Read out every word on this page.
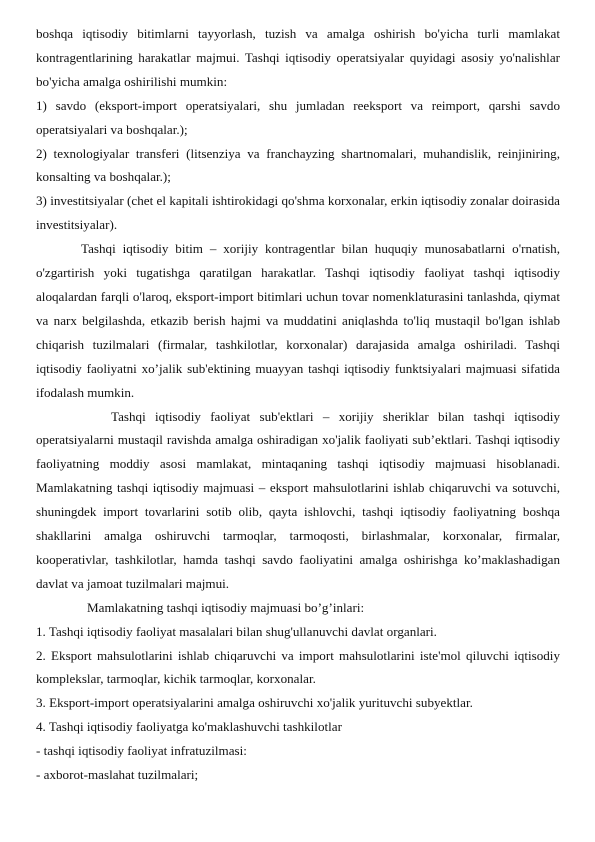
boshqa iqtisodiy bitimlarni tayyorlash, tuzish va amalga oshirish bo'yicha turli mamlakat kontragentlarining harakatlar majmui. Tashqi iqtisodiy operatsiyalar quyidagi asosiy yo'nalishlar bo'yicha amalga oshirilishi mumkin:

1) savdo (eksport-import operatsiyalari, shu jumladan reeksport va reimport, qarshi savdo operatsiyalari va boshqalar.);

2) texnologiyalar transferi (litsenziya va franchayzing shartnomalari, muhandislik, reinjiniring, konsalting va boshqalar.);

3) investitsiyalar (chet el kapitali ishtirokidagi qo'shma korxonalar, erkin iqtisodiy zonalar doirasida investitsiyalar).

Tashqi iqtisodiy bitim – xorijiy kontragentlar bilan huquqiy munosabatlarni o'rnatish, o'zgartirish yoki tugatishga qaratilgan harakatlar. Tashqi iqtisodiy faoliyat tashqi iqtisodiy aloqalardan farqli o'laroq, eksport-import bitimlari uchun tovar nomenklaturasini tanlashda, qiymat va narx belgilashda, etkazib berish hajmi va muddatini aniqlashda to'liq mustaqil bo'lgan ishlab chiqarish tuzilmalari (firmalar, tashkilotlar, korxonalar) darajasida amalga oshiriladi. Tashqi iqtisodiy faoliyatni xo’jalik sub'ektining muayyan tashqi iqtisodiy funktsiyalari majmuasi sifatida ifodalash mumkin.

Tashqi iqtisodiy faoliyat sub'ektlari – xorijiy sheriklar bilan tashqi iqtisodiy operatsiyalarni mustaqil ravishda amalga oshiradigan xo'jalik faoliyati sub’ektlari. Tashqi iqtisodiy faoliyatning moddiy asosi mamlakat, mintaqaning tashqi iqtisodiy majmuasi hisoblanadi. Mamlakatning tashqi iqtisodiy majmuasi – eksport mahsulotlarini ishlab chiqaruvchi va sotuvchi, shuningdek import tovarlarini sotib olib, qayta ishlovchi, tashqi iqtisodiy faoliyatning boshqa shakllarini amalga oshiruvchi tarmoqlar, tarmoqosti, birlashmalar, korxonalar, firmalar, kooperativlar, tashkilotlar, hamda tashqi savdo faoliyatini amalga oshirishga ko’maklashadigan davlat va jamoat tuzilmalari majmui.

Mamlakatning tashqi iqtisodiy majmuasi bo’g’inlari:

1. Tashqi iqtisodiy faoliyat masalalari bilan shug'ullanuvchi davlat organlari.

2. Eksport mahsulotlarini ishlab chiqaruvchi va import mahsulotlarini iste'mol qiluvchi iqtisodiy komplekslar, tarmoqlar, kichik tarmoqlar, korxonalar.

3. Eksport-import operatsiyalarini amalga oshiruvchi xo'jalik yurituvchi subyektlar.

4. Tashqi iqtisodiy faoliyatga ko'maklashuvchi tashkilotlar

- tashqi iqtisodiy faoliyat infratuzilmasi:

- axborot-maslahat tuzilmalari;
